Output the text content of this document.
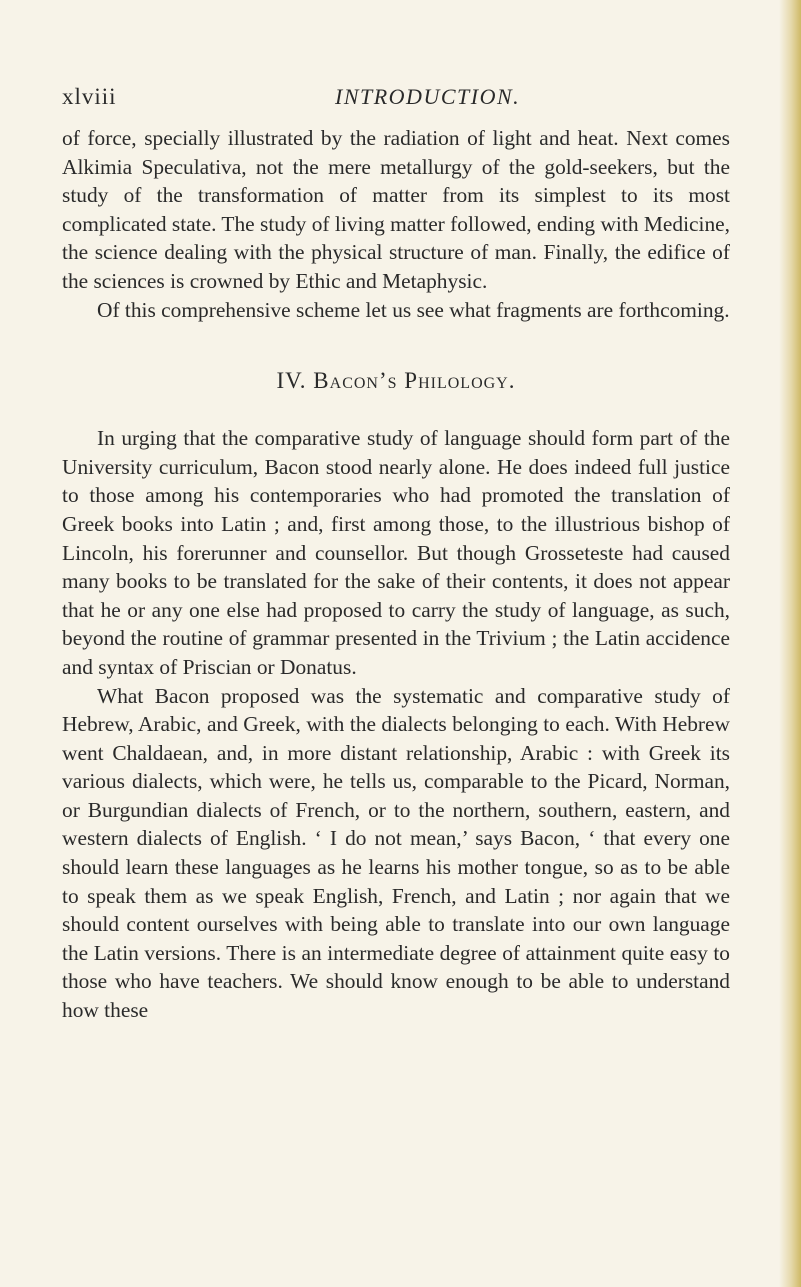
xlviii	INTRODUCTION.

of force, specially illustrated by the radiation of light and heat. Next comes Alkimia Speculativa, not the mere metallurgy of the gold-seekers, but the study of the transformation of matter from its simplest to its most complicated state. The study of living matter followed, ending with Medicine, the science dealing with the physical structure of man. Finally, the edifice of the sciences is crowned by Ethic and Metaphysic.

Of this comprehensive scheme let us see what fragments are forthcoming.

IV. Bacon’s Philology.

In urging that the comparative study of language should form part of the University curriculum, Bacon stood nearly alone. He does indeed full justice to those among his contemporaries who had promoted the translation of Greek books into Latin ; and, first among those, to the illustrious bishop of Lincoln, his forerunner and counsellor. But though Grosseteste had caused many books to be translated for the sake of their contents, it does not appear that he or any one else had proposed to carry the study of language, as such, beyond the routine of grammar presented in the Trivium ; the Latin accidence and syntax of Priscian or Donatus.

What Bacon proposed was the systematic and comparative study of Hebrew, Arabic, and Greek, with the dialects belonging to each. With Hebrew went Chaldaean, and, in more distant relationship, Arabic : with Greek its various dialects, which were, he tells us, comparable to the Picard, Norman, or Burgundian dialects of French, or to the northern, southern, eastern, and western dialects of English. ‘ I do not mean,’ says Bacon, ‘ that every one should learn these languages as he learns his mother tongue, so as to be able to speak them as we speak English, French, and Latin ; nor again that we should content ourselves with being able to translate into our own language the Latin versions. There is an intermediate degree of attainment quite easy to those who have teachers. We should know enough to be able to understand how these
